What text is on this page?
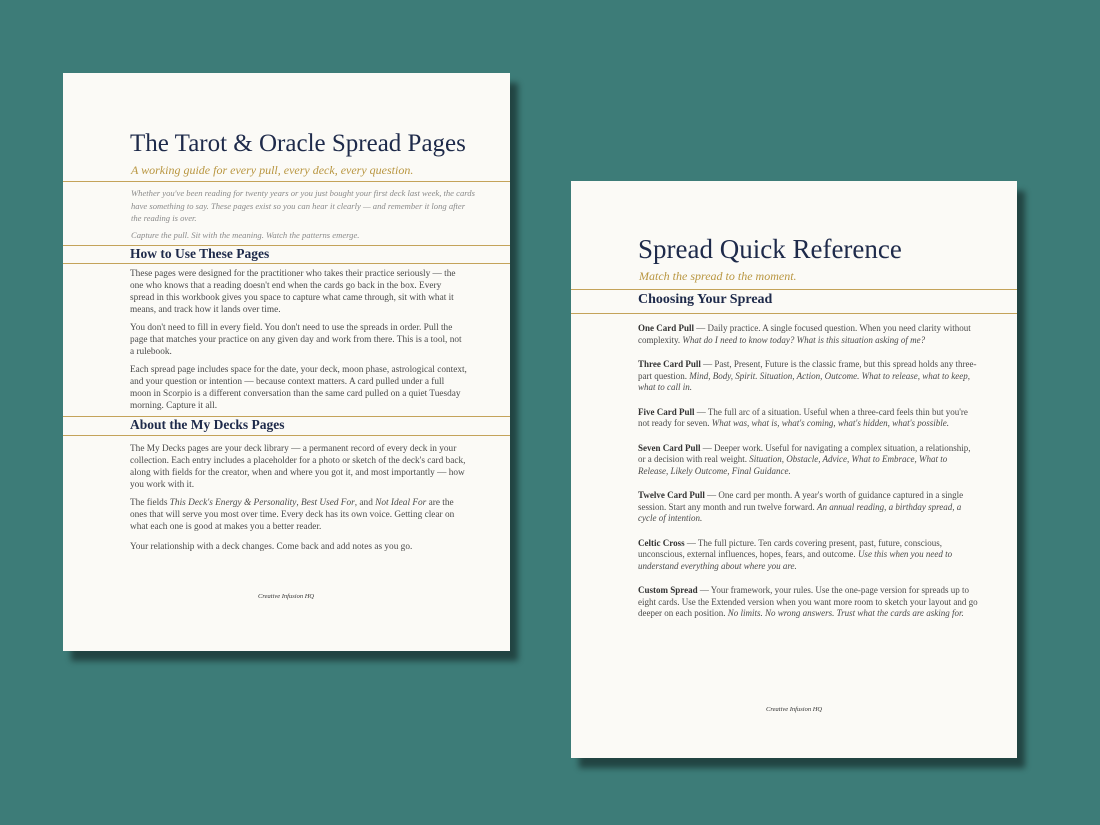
The Tarot & Oracle Spread Pages
A working guide for every pull, every deck, every question.
Whether you've been reading for twenty years or you just bought your first deck last week, the cards have something to say. These pages exist so you can hear it clearly — and remember it long after the reading is over.
Capture the pull. Sit with the meaning. Watch the patterns emerge.
How to Use These Pages

These pages were designed for the practitioner who takes their practice seriously — the one who knows that a reading doesn't end when the cards go back in the box. Every spread in this workbook gives you space to capture what came through, sit with what it means, and track how it lands over time.

You don't need to fill in every field. You don't need to use the spreads in order. Pull the page that matches your practice on any given day and work from there. This is a tool, not a rulebook.

Each spread page includes space for the date, your deck, moon phase, astrological context, and your question or intention — because context matters. A card pulled under a full moon in Scorpio is a different conversation than the same card pulled on a quiet Tuesday morning. Capture it all.

About the My Decks Pages

The My Decks pages are your deck library — a permanent record of every deck in your collection. Each entry includes a placeholder for a photo or sketch of the deck's card back, along with fields for the creator, when and where you got it, and most importantly — how you work with it.

The fields This Deck's Energy & Personality, Best Used For, and Not Ideal For are the ones that will serve you most over time. Every deck has its own voice. Getting clear on what each one is good at makes you a better reader.

Your relationship with a deck changes. Come back and add notes as you go.

Creative Infusion HQ
Spread Quick Reference
Match the spread to the moment.
Choosing Your Spread
One Card Pull — Daily practice. A single focused question. When you need clarity without complexity. What do I need to know today? What is this situation asking of me?
Three Card Pull — Past, Present, Future is the classic frame, but this spread holds any three-part question. Mind, Body, Spirit. Situation, Action, Outcome. What to release, what to keep, what to call in.
Five Card Pull — The full arc of a situation. Useful when a three-card feels thin but you're not ready for seven. What was, what is, what's coming, what's hidden, what's possible.
Seven Card Pull — Deeper work. Useful for navigating a complex situation, a relationship, or a decision with real weight. Situation, Obstacle, Advice, What to Embrace, What to Release, Likely Outcome, Final Guidance.
Twelve Card Pull — One card per month. A year's worth of guidance captured in a single session. Start any month and run twelve forward. An annual reading, a birthday spread, a cycle of intention.
Celtic Cross — The full picture. Ten cards covering present, past, future, conscious, unconscious, external influences, hopes, fears, and outcome. Use this when you need to understand everything about where you are.
Custom Spread — Your framework, your rules. Use the one-page version for spreads up to eight cards. Use the Extended version when you want more room to sketch your layout and go deeper on each position. No limits. No wrong answers. Trust what the cards are asking for.
Creative Infusion HQ
